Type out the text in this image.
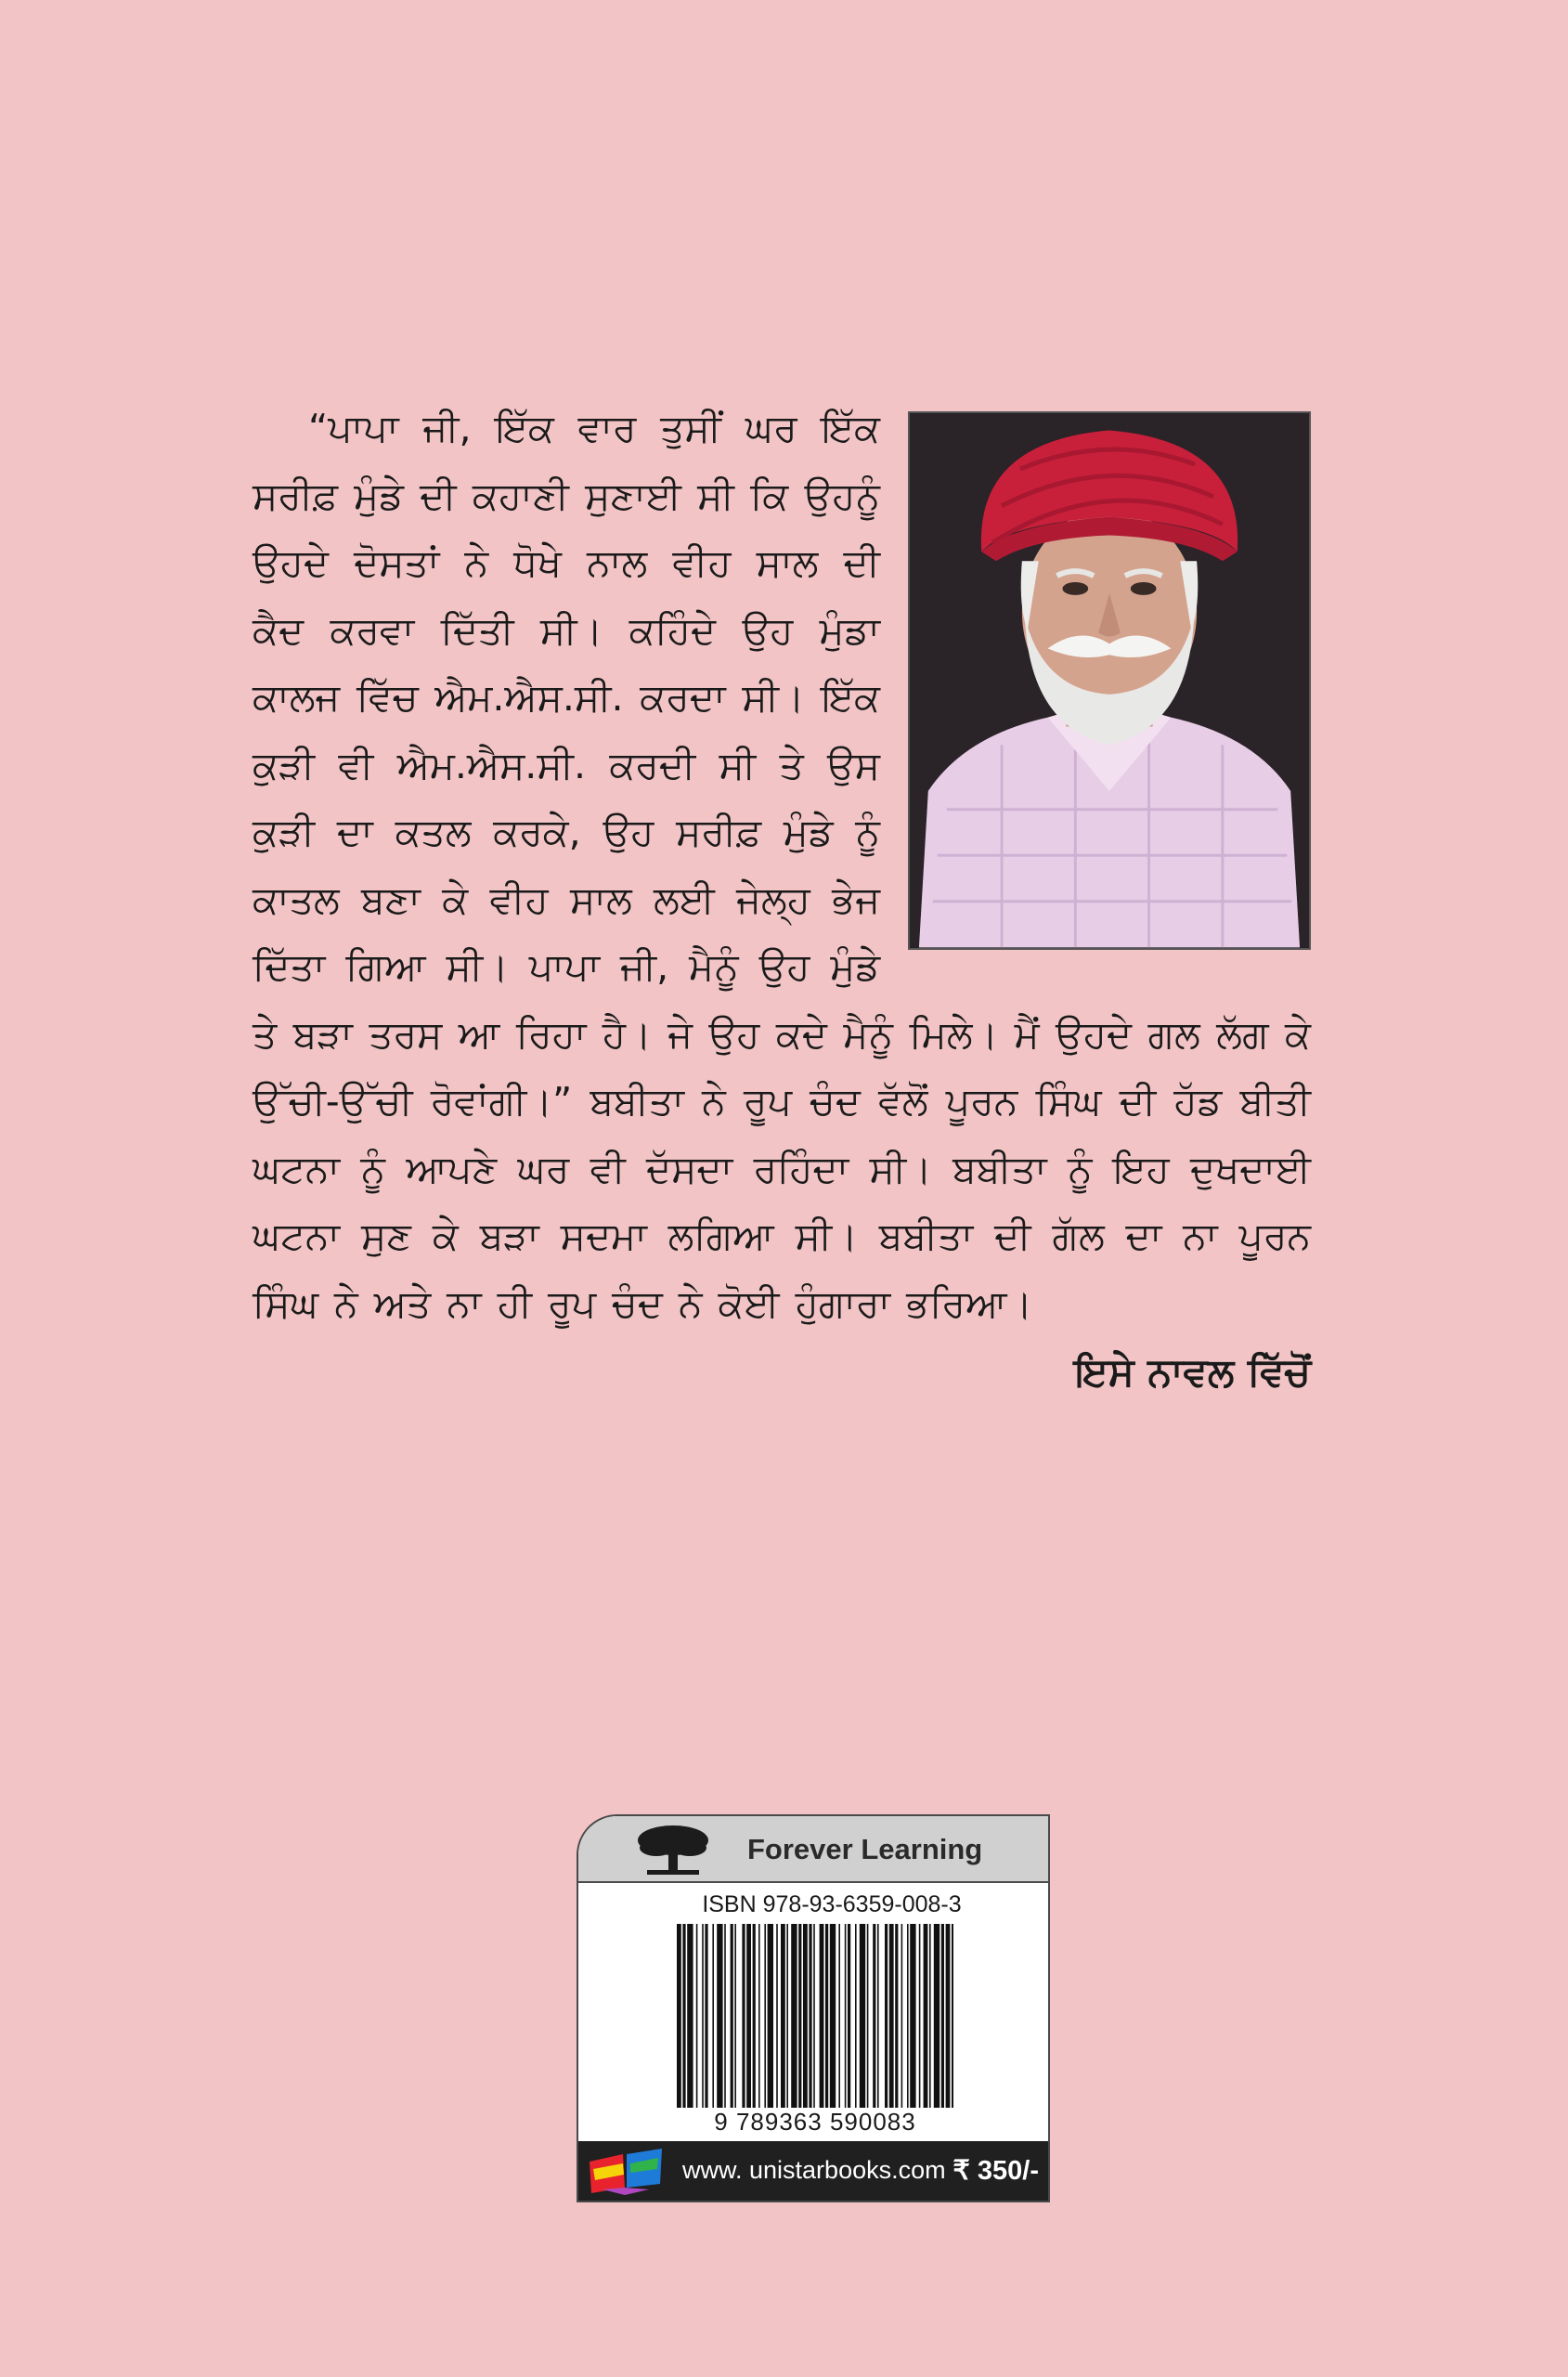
“ਪਾਪਾ ਜੀ, ਇੱਕ ਵਾਰ ਤੁਸੀਂ ਘਰ ਇੱਕ ਸਰੀਫ਼ ਮੁੰਡੇ ਦੀ ਕਹਾਣੀ ਸੁਣਾਈ ਸੀ ਕਿ ਉਹਨੂੰ ਉਹਦੇ ਦੋਸਤਾਂ ਨੇ ਧੋਖੇ ਨਾਲ ਵੀਹ ਸਾਲ ਦੀ ਕੈਦ ਕਰਵਾ ਦਿੱਤੀ ਸੀ। ਕਹਿੰਦੇ ਉਹ ਮੁੰਡਾ ਕਾਲਜ ਵਿੱਚ ਐਮ.ਐਸ.ਸੀ. ਕਰਦਾ ਸੀ। ਇੱਕ ਕੁੜੀ ਵੀ ਐਮ.ਐਸ.ਸੀ. ਕਰਦੀ ਸੀ ਤੇ ਉਸ ਕੁੜੀ ਦਾ ਕਤਲ ਕਰਕੇ, ਉਹ ਸਰੀਫ਼ ਮੁੰਡੇ ਨੂੰ ਕਾਤਲ ਬਣਾ ਕੇ ਵੀਹ ਸਾਲ ਲਈ ਜੇਲ੍ਹ ਭੇਜ ਦਿੱਤਾ ਗਿਆ ਸੀ। ਪਾਪਾ ਜੀ, ਮੈਨੂੰ ਉਹ ਮੁੰਡੇ ਤੇ ਬੜਾ ਤਰਸ ਆ ਰਿਹਾ ਹੈ। ਜੇ ਉਹ ਕਦੇ ਮੈਨੂੰ ਮਿਲੇ। ਮੈਂ ਉਹਦੇ ਗਲ ਲੱਗ ਕੇ ਉੱਚੀ-ਉੱਚੀ ਰੋਵਾਂਗੀ।” ਬਬੀਤਾ ਨੇ ਰੂਪ ਚੰਦ ਵੱਲੋਂ ਪੂਰਨ ਸਿੰਘ ਦੀ ਹੱਡ ਬੀਤੀ ਘਟਨਾ ਨੂੰ ਆਪਣੇ ਘਰ ਵੀ ਦੱਸਦਾ ਰਹਿੰਦਾ ਸੀ। ਬਬੀਤਾ ਨੂੰ ਇਹ ਦੁਖਦਾਈ ਘਟਨਾ ਸੁਣ ਕੇ ਬੜਾ ਸਦਮਾ ਲਗਿਆ ਸੀ। ਬਬੀਤਾ ਦੀ ਗੱਲ ਦਾ ਨਾ ਪੂਰਨ ਸਿੰਘ ਨੇ ਅਤੇ ਨਾ ਹੀ ਰੂਪ ਚੰਦ ਨੇ ਕੋਈ ਹੁੰਗਾਰਾ ਭਰਿਆ।

ਇਸੇ ਨਾਵਲ ਵਿੱਚੋਂ

Forever Learning
ISBN 978-93-6359-008-3
9 789363 590083
www. unistarbooks.com ₹ 350/-
